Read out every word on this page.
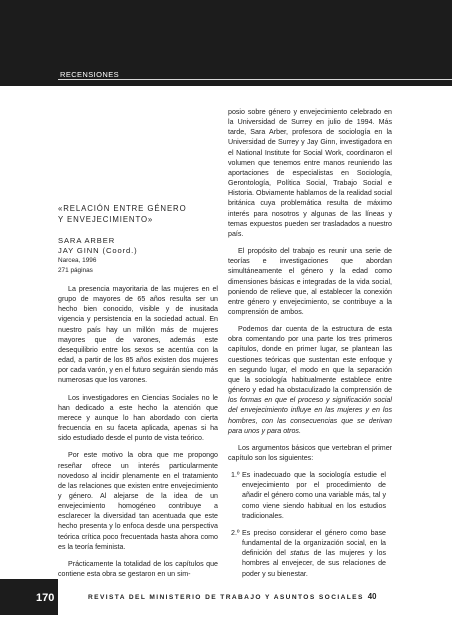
RECENSIONES
«RELACIÓN ENTRE GÉNERO
Y ENVEJECIMIENTO»
SARA ARBER
JAY GINN (Coord.)
Narcea, 1996
271 páginas

La presencia mayoritaria de las mujeres en el grupo de mayores de 65 años resulta ser un hecho bien conocido, visible y de inusitada vigencia y persistencia en la sociedad actual. En nuestro país hay un millón más de mujeres mayores que de varones, además este desequilibrio entre los sexos se acentúa con la edad, a partir de los 85 años existen dos mujeres por cada varón, y en el futuro seguirán siendo más numerosas que los varones.

Los investigadores en Ciencias Sociales no le han dedicado a este hecho la atención que merece y aunque lo han abordado con cierta frecuencia en su faceta aplicada, apenas si ha sido estudiado desde el punto de vista teórico.

Por este motivo la obra que me propongo reseñar ofrece un interés particularmente novedoso al incidir plenamente en el tratamiento de las relaciones que existen entre envejecimiento y género. Al alejarse de la idea de un envejecimiento homogéneo contribuye a esclarecer la diversidad tan acentuada que este hecho presenta y lo enfoca desde una perspectiva teórica crítica poco frecuentada hasta ahora como es la teoría feminista.

Prácticamente la totalidad de los capítulos que contiene esta obra se gestaron en un sim-

posio sobre género y envejecimiento celebrado en la Universidad de Surrey en julio de 1994. Más tarde, Sara Arber, profesora de sociología en la Universidad de Surrey y Jay Ginn, investigadora en el National Institute for Social Work, coordinaron el volumen que tenemos entre manos reuniendo las aportaciones de especialistas en Sociología, Gerontología, Política Social, Trabajo Social e Historia. Obviamente hablamos de la realidad social británica cuya problemática resulta de máximo interés para nosotros y algunas de las líneas y temas expuestos pueden ser trasladados a nuestro país.

El propósito del trabajo es reunir una serie de teorías e investigaciones que abordan simultáneamente el género y la edad como dimensiones básicas e integradas de la vida social, poniendo de relieve que, al establecer la conexión entre género y envejecimiento, se contribuye a la comprensión de ambos.

Podemos dar cuenta de la estructura de esta obra comentando por una parte los tres primeros capítulos, donde en primer lugar, se plantean las cuestiones teóricas que sustentan este enfoque y en segundo lugar, el modo en que la separación que la sociología habitualmente establece entre género y edad ha obstaculizado la comprensión de los formas en que el proceso y significación social del envejecimiento influye en las mujeres y en los hombres, con las consecuencias que se derivan para unos y para otros.

Los argumentos básicos que vertebran el primer capítulo son los siguientes:

1.º Es inadecuado que la sociología estudie el envejecimiento por el procedimiento de añadir el género como una variable más, tal y como viene siendo habitual en los estudios tradicionales.
2.º Es preciso considerar el género como base fundamental de la organización social, en la definición del status de las mujeres y los hombres al envejecer, de sus relaciones de poder y su bienestar.
170	REVISTA DEL MINISTERIO DE TRABAJO Y ASUNTOS SOCIALES 40
